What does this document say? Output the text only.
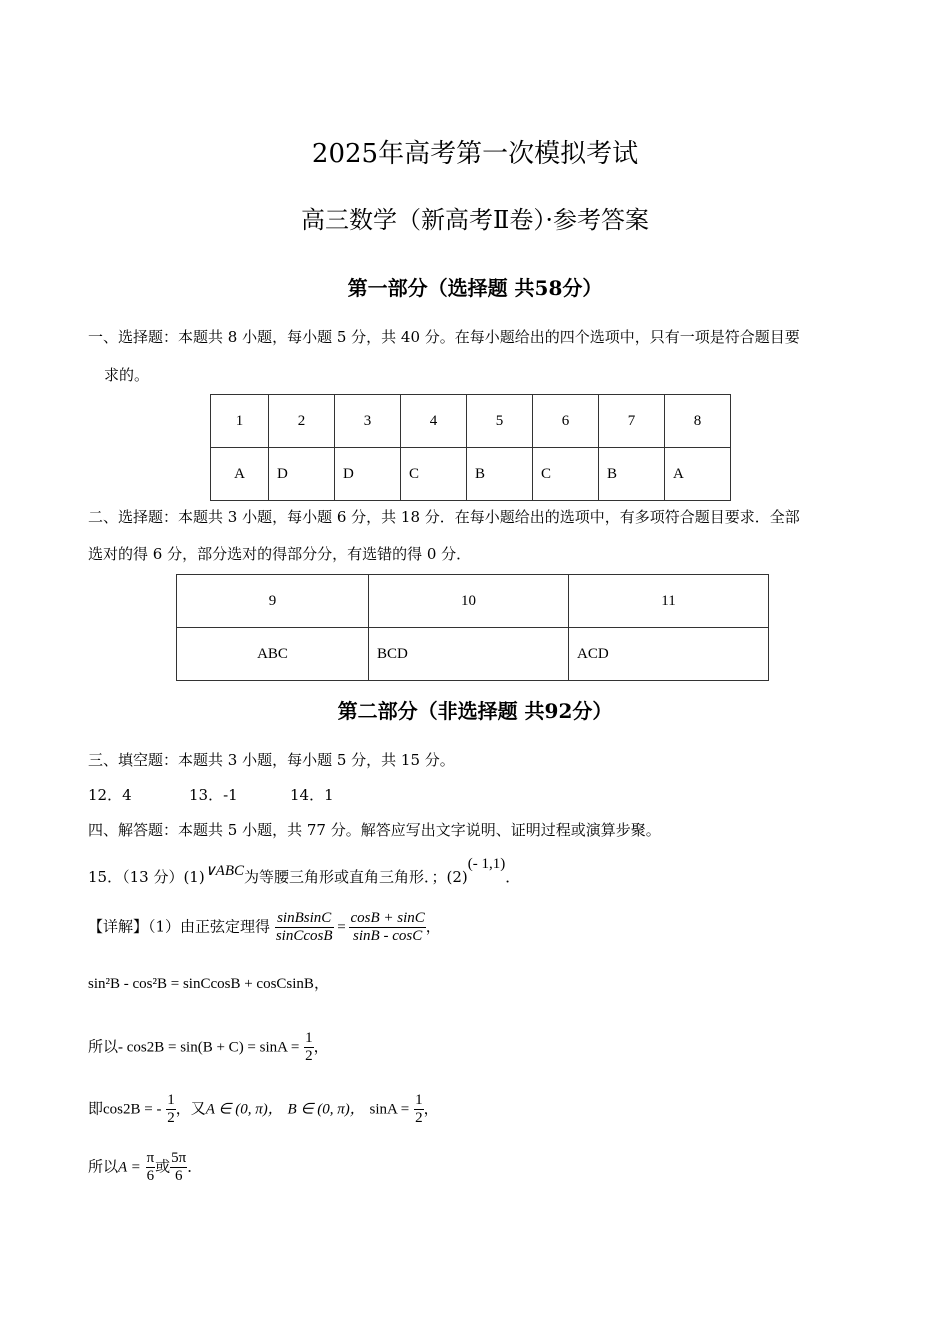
2025年高考第一次模拟考试
高三数学（新高考Ⅱ卷）·参考答案
第一部分（选择题 共58分）
一、选择题：本题共 8 小题，每小题 5 分，共 40 分。在每小题给出的四个选项中，只有一项是符合题目要
求的。
1	2	3	4	5	6	7	8
A	D	D	C	B	C	B	A
二、选择题：本题共 3 小题，每小题 6 分，共 18 分．在每小题给出的选项中，有多项符合题目要求．全部
选对的得 6 分，部分选对的得部分分，有选错的得 0 分．
9	10	11
ABC	BCD	ACD
第二部分（非选择题 共92分）
三、填空题：本题共 3 小题，每小题 5 分，共 15 分。
12．4	13．-1	14．1
四、解答题：本题共 5 小题，共 77 分。解答应写出文字说明、证明过程或演算步聚。
15．（13 分）(1)∨ABC为等腰三角形或直角三角形．；(2)(- 1,1)．
【详解】（1）由正弦定理得 $\frac{\text{sinBsinC}}{\text{sinCcosB}} = \frac{\cos B + \sin C}{\sin B - \cos C}$ ，
sin²B - cos²B = sinCcosB + cosCsinB，
所以- $\cos 2B = \sin(B + C) = \sin A = \frac{1}{2}$ ，
即cos2B = - $\frac{1}{2}$ ，又A ∈ (0, π)， B ∈ (0, π)， $\sin A = \frac{1}{2}$ ，
所以$A = \frac{\pi}{6}$ 或 $\frac{5\pi}{6}$ ．
